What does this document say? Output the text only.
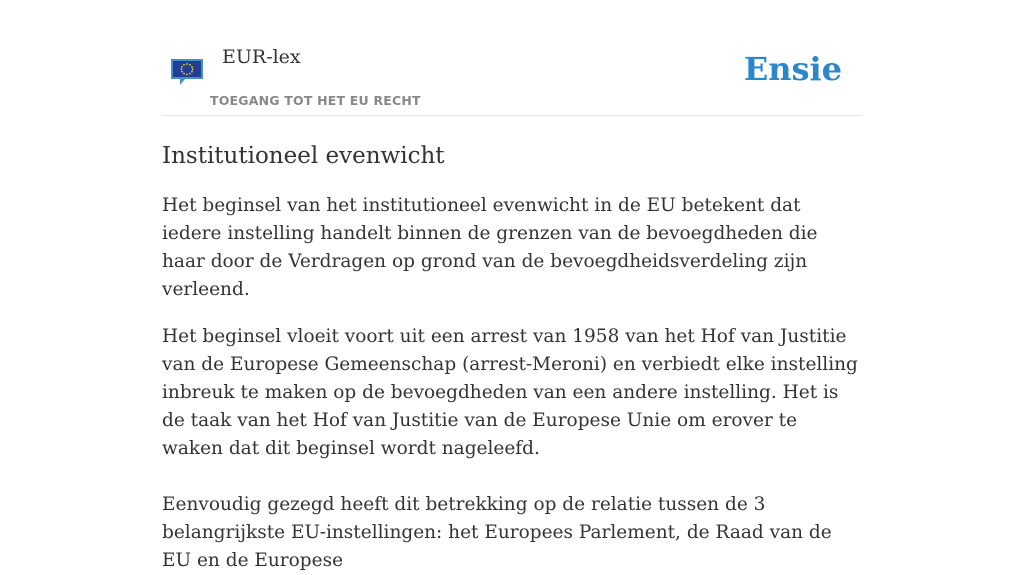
EUR-lex
TOEGANG TOT HET EU RECHT
Ensie
Institutioneel evenwicht

Het beginsel van het institutioneel evenwicht in de EU betekent dat iedere instelling handelt binnen de grenzen van de bevoegdheden die haar door de Verdragen op grond van de bevoegdheidsverdeling zijn verleend.

Het beginsel vloeit voort uit een arrest van 1958 van het Hof van Justitie van de Europese Gemeenschap (arrest-Meroni) en verbiedt elke instelling inbreuk te maken op de bevoegdheden van een andere instelling. Het is de taak van het Hof van Justitie van de Europese Unie om erover te waken dat dit beginsel wordt nageleefd.

Eenvoudig gezegd heeft dit betrekking op de relatie tussen de 3 belangrijkste EU-instellingen: het Europees Parlement, de Raad van de EU en de Europese
